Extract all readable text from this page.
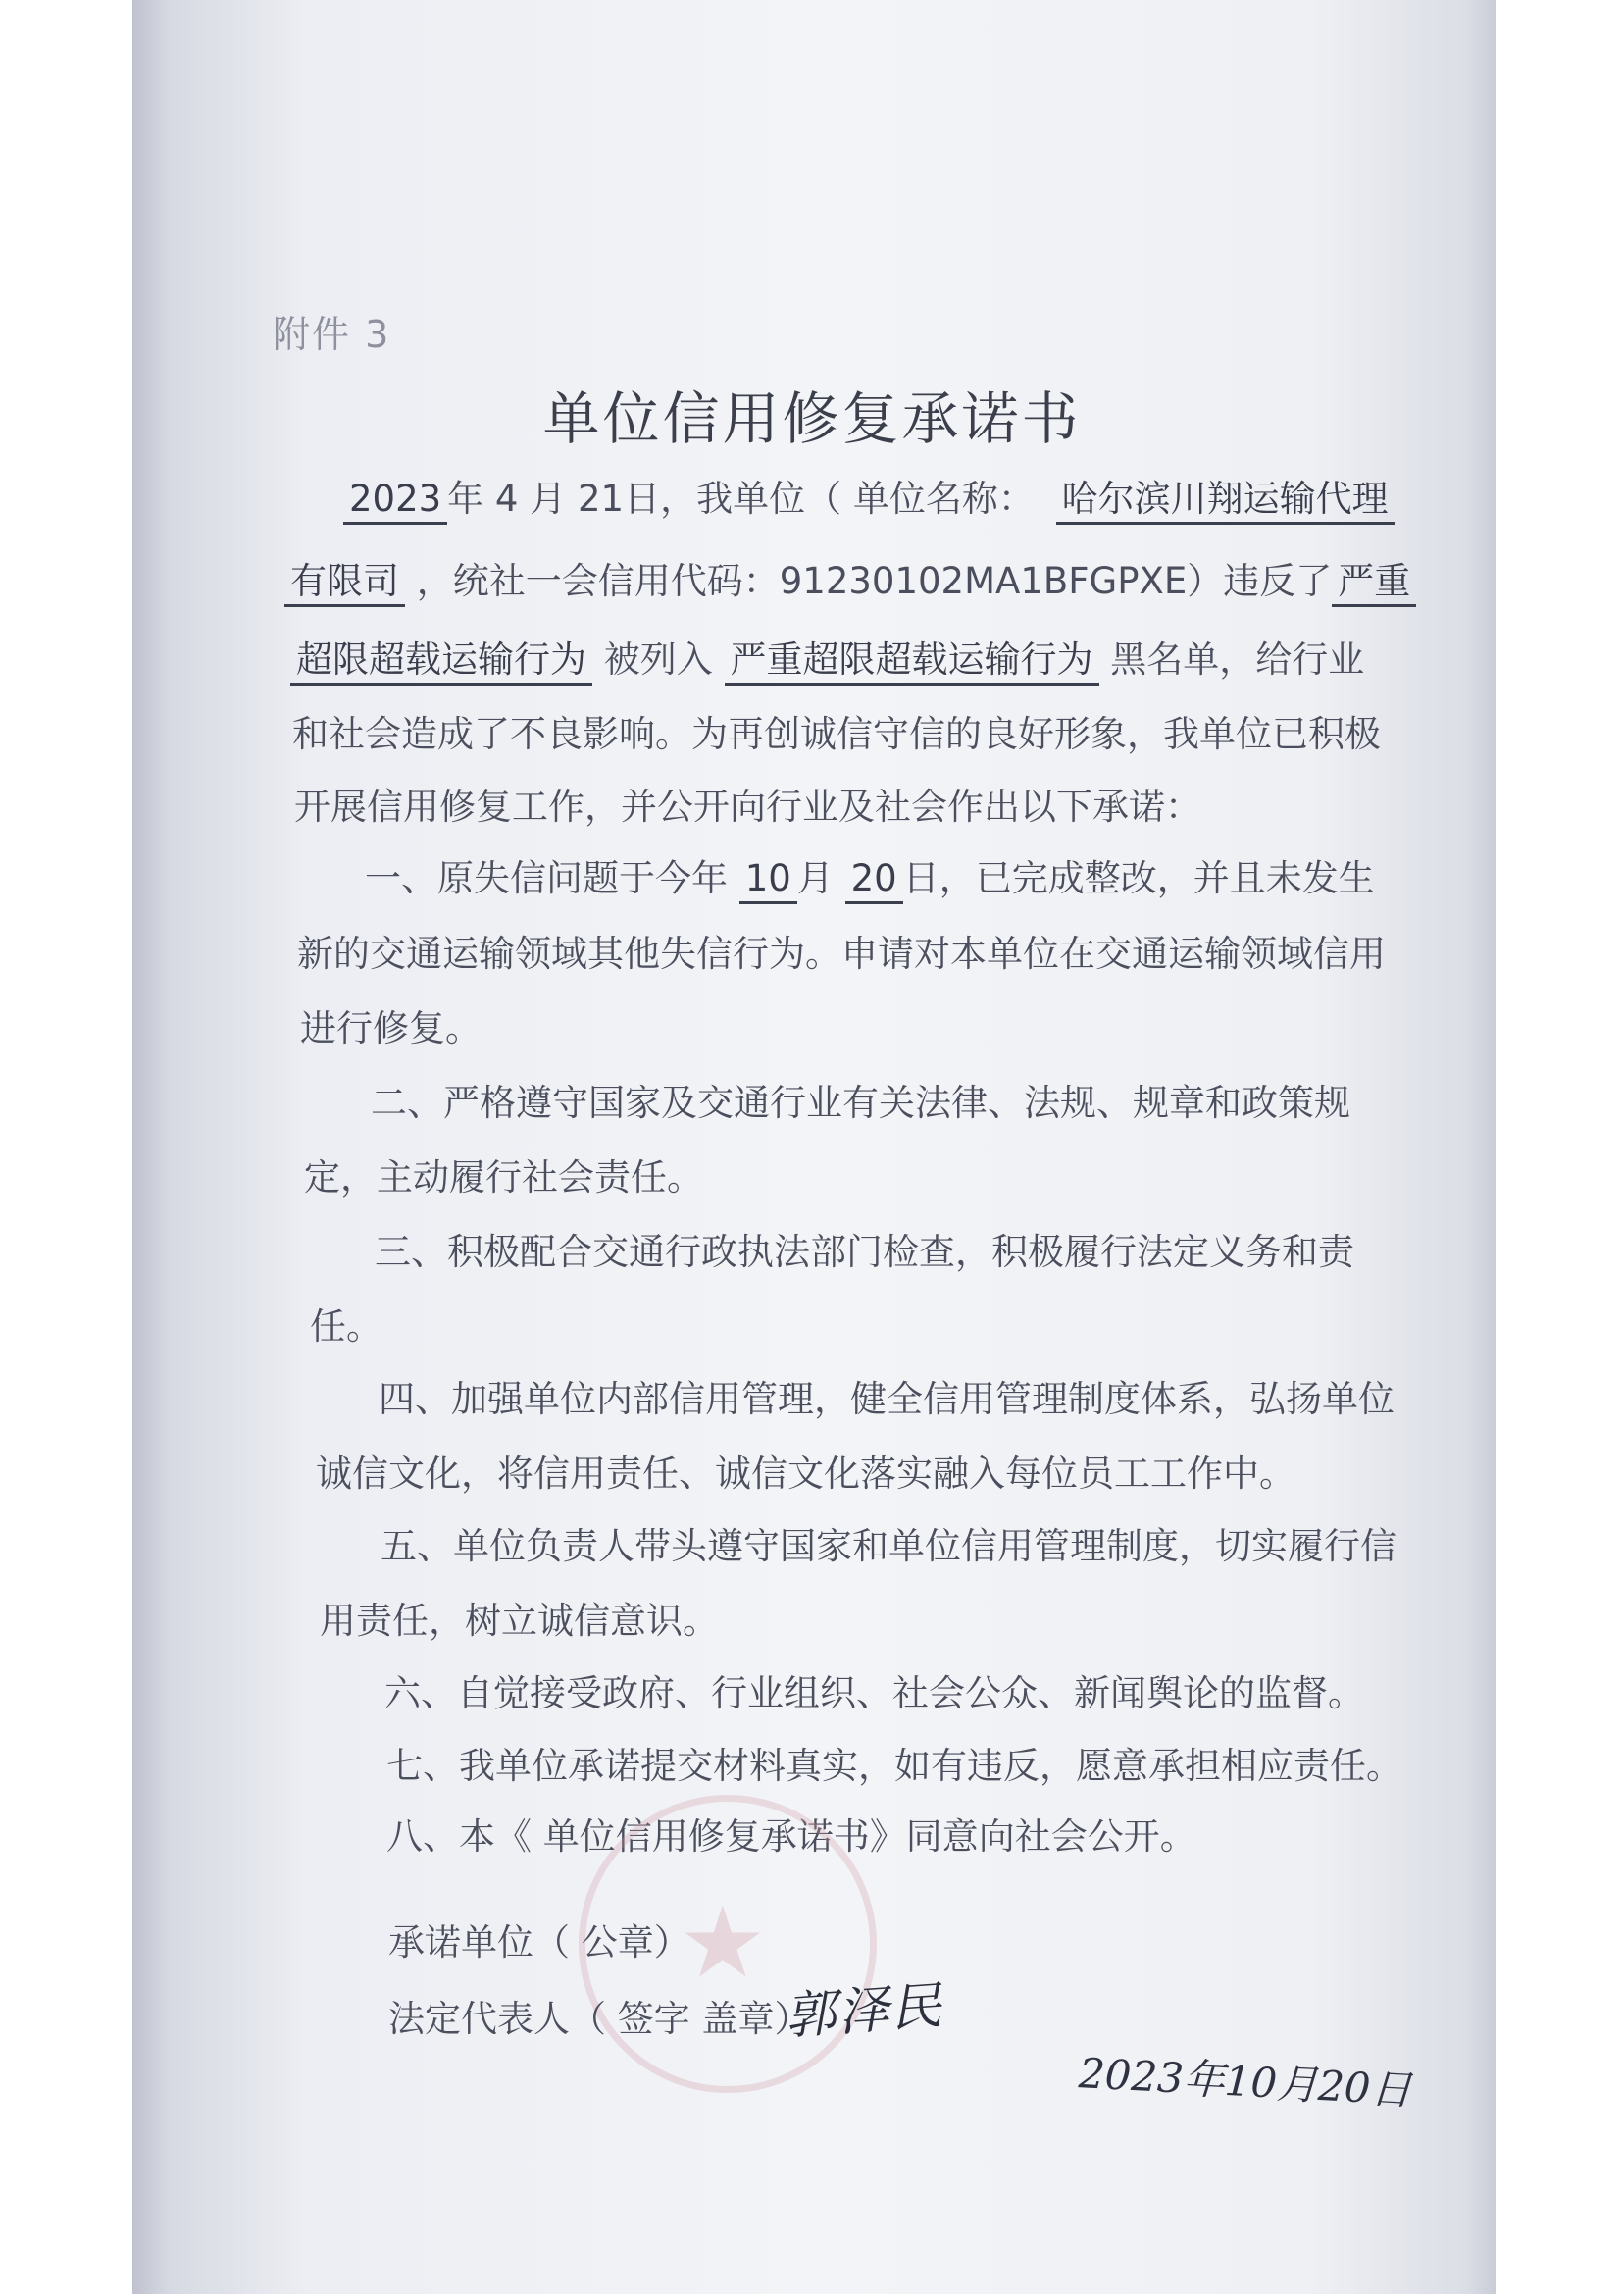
附件 3
单位信用修复承诺书
2023 年 4 月 21日，我单位（ 单位名称： 哈尔滨川翔运输代理
有限司 ，统社一会信用代码：91230102MA1BFGPXE）违反了 严重
超限超载运输行为 被列入 严重超限超载运输行为 黑名单，给行业
和社会造成了不良影响。为再创诚信守信的良好形象，我单位已积极
开展信用修复工作，并公开向行业及社会作出以下承诺：
一、原失信问题于今年 10 月 20 日，已完成整改，并且未发生
新的交通运输领域其他失信行为。申请对本单位在交通运输领域信用
进行修复。
二、严格遵守国家及交通行业有关法律、法规、规章和政策规
定，主动履行社会责任。
三、积极配合交通行政执法部门检查，积极履行法定义务和责
任。
四、加强单位内部信用管理，健全信用管理制度体系，弘扬单位
诚信文化，将信用责任、诚信文化落实融入每位员工工作中。
五、单位负责人带头遵守国家和单位信用管理制度，切实履行信
用责任，树立诚信意识。
六、自觉接受政府、行业组织、社会公众、新闻舆论的监督。
七、我单位承诺提交材料真实，如有违反，愿意承担相应责任。
八、本《 单位信用修复承诺书》同意向社会公开。
★
承诺单位（ 公章）
法定代表人（ 签字 盖章）
郭泽民
2023年10月20日
